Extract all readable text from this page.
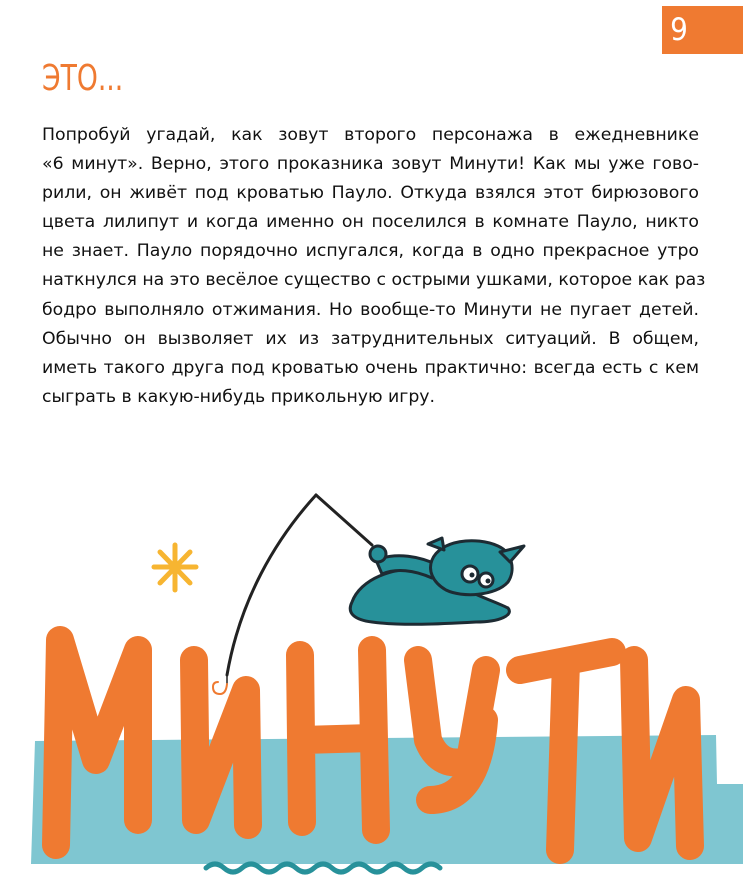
9
ЭТО...

Попробуй угадай, как зовут второго персонажа в ежедневнике
«6 минут». Верно, этого проказника зовут Минути! Как мы уже гово-
рили, он живёт под кроватью Пауло. Откуда взялся этот бирюзового
цвета лилипут и когда именно он поселился в комнате Пауло, никто
не знает. Пауло порядочно испугался, когда в одно прекрасное утро
наткнулся на это весёлое существо с острыми ушками, которое как раз
бодро выполняло отжимания. Но вообще-то Минути не пугает детей.
Обычно он вызволяет их из затруднительных ситуаций. В общем,
иметь такого друга под кроватью очень практично: всегда есть с кем
сыграть в какую-нибудь прикольную игру.
